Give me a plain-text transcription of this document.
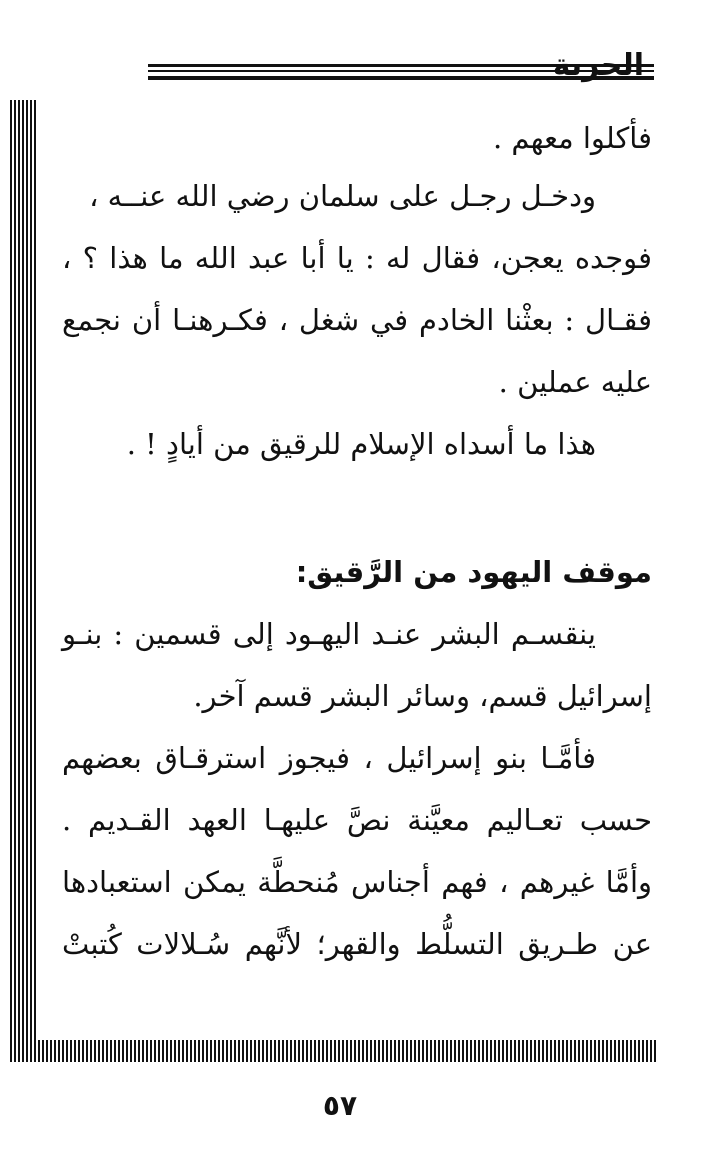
فأكلوا معهم .
ودخـل رجـل على سلمان رضي الله عنــه ،
فوجده يعجن، فقال له : يا أبا عبد الله ما هذا ؟ ،
فقـال : بعثْنا الخادم في شغل ، فكـرهنـا أن نجمع
عليه عملين .
هذا ما أسداه الإسلام للرقيق من أيادٍ ! .
موقف اليهود من الرَّقيق:
ينقسـم البشر عنـد اليهـود إلى قسمين : بنـو
إسرائيل قسم، وسائر البشر قسم آخر.
فأمَّـا بنو إسرائيل ، فيجوز استرقـاق بعضهم
حسب تعـاليم معيَّنة نصَّ عليهـا العهد القـديم .
وأمَّا غيرهم ، فهم أجناس مُنحطَّة يمكن استعبادها
عن طـريق التسلُّط والقهر؛ لأنَّهم سُـلالات كُتبتْ
٥٧
